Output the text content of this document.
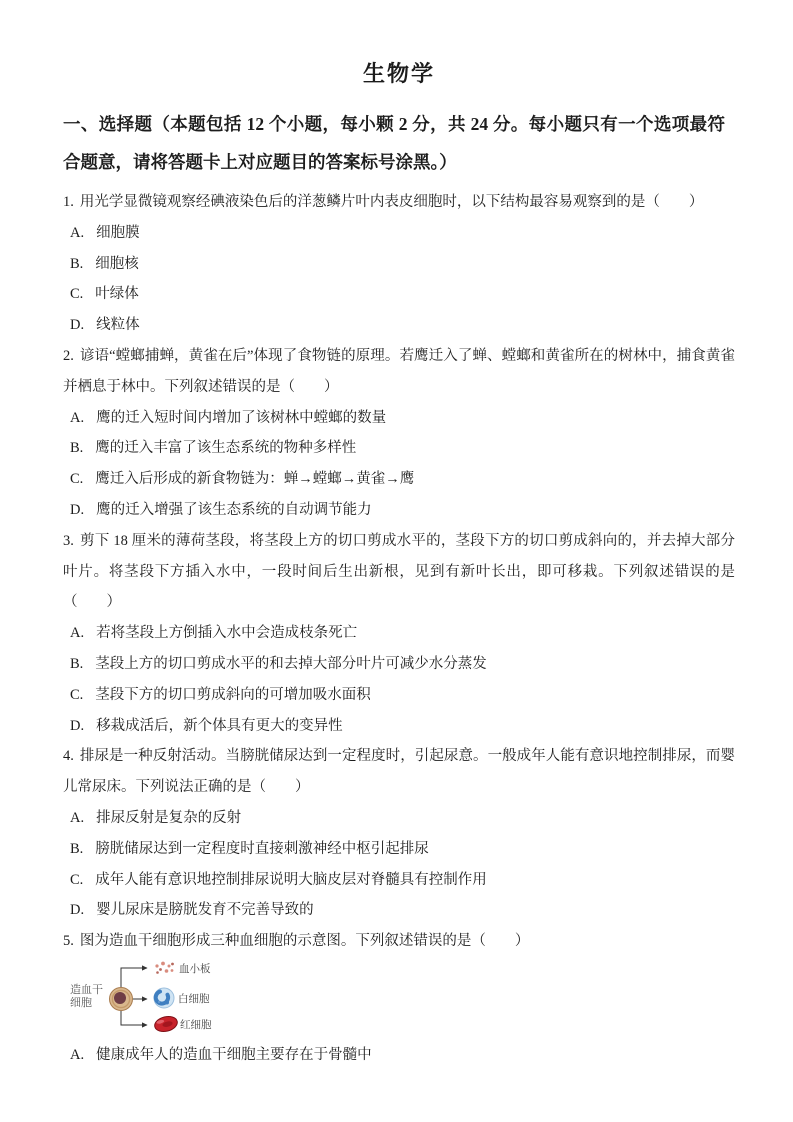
生物学

一、选择题（本题包括 12 个小题，每小颗 2 分，共 24 分。每小题只有一个选项最符合题意，请将答题卡上对应题目的答案标号涂黑。）

1. 用光学显微镜观察经碘液染色后的洋葱鳞片叶内表皮细胞时，以下结构最容易观察到的是（　　）

A. 细胞膜
B. 细胞核
C. 叶绿体
D. 线粒体

2. 谚语“螳螂捕蝉，黄雀在后”体现了食物链的原理。若鹰迁入了蝉、螳螂和黄雀所在的树林中，捕食黄雀并栖息于林中。下列叙述错误的是（　　）

A. 鹰的迁入短时间内增加了该树林中螳螂的数量
B. 鹰的迁入丰富了该生态系统的物种多样性
C. 鹰迁入后形成的新食物链为：蝉→螳螂→黄雀→鹰
D. 鹰的迁入增强了该生态系统的自动调节能力

3. 剪下 18 厘米的薄荷茎段，将茎段上方的切口剪成水平的，茎段下方的切口剪成斜向的，并去掉大部分叶片。将茎段下方插入水中，一段时间后生出新根，见到有新叶长出，即可移栽。下列叙述错误的是（　　）

A. 若将茎段上方倒插入水中会造成枝条死亡
B. 茎段上方的切口剪成水平的和去掉大部分叶片可减少水分蒸发
C. 茎段下方的切口剪成斜向的可增加吸水面积
D. 移栽成活后，新个体具有更大的变异性

4. 排尿是一种反射活动。当膀胱储尿达到一定程度时，引起尿意。一般成年人能有意识地控制排尿，而婴儿常尿床。下列说法正确的是（　　）

A. 排尿反射是复杂的反射
B. 膀胱储尿达到一定程度时直接刺激神经中枢引起排尿
C. 成年人能有意识地控制排尿说明大脑皮层对脊髓具有控制作用
D. 婴儿尿床是膀胱发育不完善导致的

5. 图为造血干细胞形成三种血细胞的示意图。下列叙述错误的是（　　）

造血干
细胞
血小板
白细胞
红细胞
A. 健康成年人的造血干细胞主要存在于骨髓中
